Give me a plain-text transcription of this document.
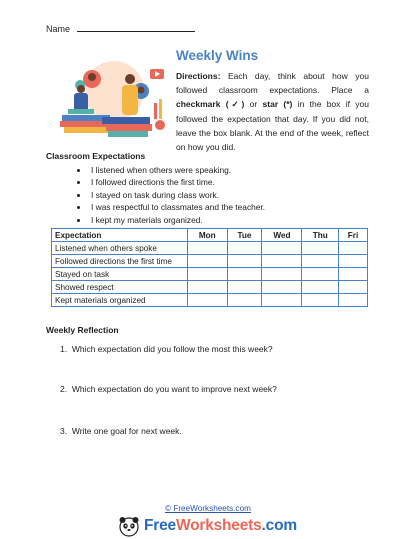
Name
Weekly Wins
Directions: Each day, think about how you followed classroom expectations. Place a checkmark (✓) or star (*) in the box if you followed the expectation that day. If you did not, leave the box blank. At the end of the week, reflect on how you did.
Classroom Expectations
• I listened when others were speaking.
• I followed directions the first time.
• I stayed on task during class work.
• I was respectful to classmates and the teacher.
• I kept my materials organized.
Expectation	Mon	Tue	Wed	Thu	Fri
Listened when others spoke					
Followed directions the first time					
Stayed on task					
Showed respect					
Kept materials organized					
Weekly Reflection
1. Which expectation did you follow the most this week?
2. Which expectation do you want to improve next week?
3. Write one goal for next week.
© FreeWorksheets.com
FreeWorksheets.com
